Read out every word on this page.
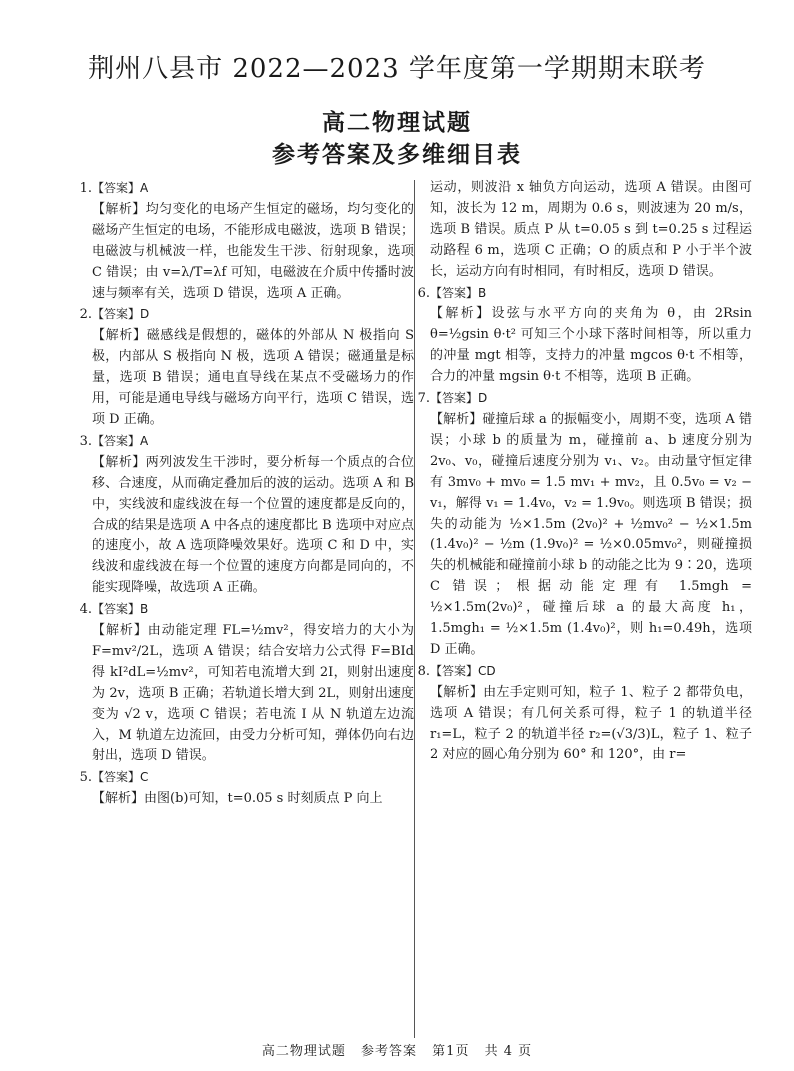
荆州八县市 2022—2023 学年度第一学期期末联考
高二物理试题
参考答案及多维细目表
1.【答案】A
【解析】均匀变化的电场产生恒定的磁场，均匀变化的磁场产生恒定的电场，不能形成电磁波，选项 B 错误；电磁波与机械波一样，也能发生干涉、衍射现象，选项 C 错误；由 v=λ/T=λf 可知，电磁波在介质中传播时波速与频率有关，选项 D 错误，选项 A 正确。
2.【答案】D
【解析】磁感线是假想的，磁体的外部从 N 极指向 S 极，内部从 S 极指向 N 极，选项 A 错误；磁通量是标量，选项 B 错误；通电直导线在某点不受磁场力的作用，可能是通电导线与磁场方向平行，选项 C 错误，选项 D 正确。
3.【答案】A
【解析】两列波发生干涉时，要分析每一个质点的合位移、合速度，从而确定叠加后的波的运动。选项 A 和 B 中，实线波和虚线波在每一个位置的速度都是反向的，合成的结果是选项 A 中各点的速度都比 B 选项中对应点的速度小，故 A 选项降噪效果好。选项 C 和 D 中，实线波和虚线波在每一个位置的速度方向都是同向的，不能实现降噪，故选项 A 正确。
4.【答案】B
【解析】由动能定理 FL=½mv²，得安培力的大小为 F=mv²/2L，选项 A 错误；结合安培力公式得 F=BId 得 kI²dL=½mv²，可知若电流增大到 2I，则射出速度为 2v，选项 B 正确；若轨道长增大到 2L，则射出速度变为 √2 v，选项 C 错误；若电流 I 从 N 轨道左边流入，M 轨道左边流回，由受力分析可知，弹体仍向右边射出，选项 D 错误。
5.【答案】C
【解析】由图(b)可知，t=0.05 s 时刻质点 P 向上
运动，则波沿 x 轴负方向运动，选项 A 错误。由图可知，波长为 12 m，周期为 0.6 s，则波速为 20 m/s，选项 B 错误。质点 P 从 t=0.05 s 到 t=0.25 s 过程运动路程 6 m，选项 C 正确；O 的质点和 P 小于半个波长，运动方向有时相同，有时相反，选项 D 错误。
6.【答案】B
【解析】设弦与水平方向的夹角为 θ，由 2Rsin θ=½gsin θ·t² 可知三个小球下落时间相等，所以重力的冲量 mgt 相等，支持力的冲量 mgcos θ·t 不相等，合力的冲量 mgsin θ·t 不相等，选项 B 正确。
7.【答案】D
【解析】碰撞后球 a 的振幅变小，周期不变，选项 A 错误；小球 b 的质量为 m，碰撞前 a、b 速度分别为 2v₀、v₀，碰撞后速度分别为 v₁、v₂。由动量守恒定律有 3mv₀ + mv₀ = 1.5 mv₁ + mv₂，且 0.5v₀ = v₂ − v₁，解得 v₁ = 1.4v₀，v₂ = 1.9v₀。则选项 B 错误；损失的动能为 ½×1.5m (2v₀)² + ½mv₀² − ½×1.5m (1.4v₀)² − ½m (1.9v₀)² = ½×0.05mv₀²，则碰撞损失的机械能和碰撞前小球 b 的动能之比为 9∶20，选项 C 错误；根据动能定理有 1.5mgh = ½×1.5m(2v₀)²，碰撞后球 a 的最大高度 h₁，1.5mgh₁ = ½×1.5m (1.4v₀)²，则 h₁=0.49h，选项 D 正确。
8.【答案】CD
【解析】由左手定则可知，粒子 1、粒子 2 都带负电，选项 A 错误；有几何关系可得，粒子 1 的轨道半径 r₁=L，粒子 2 的轨道半径 r₂=(√3/3)L，粒子 1、粒子 2 对应的圆心角分别为 60° 和 120°，由 r=
高二物理试题 参考答案 第1页 共 4 页
